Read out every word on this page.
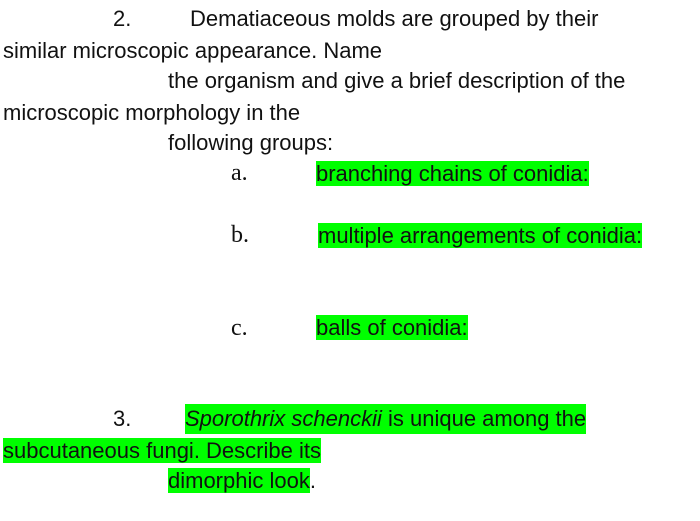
2.	Dematiaceous molds are grouped by their
similar microscopic appearance. Name
the organism and give a brief description of the
microscopic morphology in the
following groups:
a.	branching chains of conidia:
b.	multiple arrangements of conidia:
c.	balls of conidia:
3. Sporothrix schenckii is unique among the
subcutaneous fungi. Describe its
dimorphic look.
